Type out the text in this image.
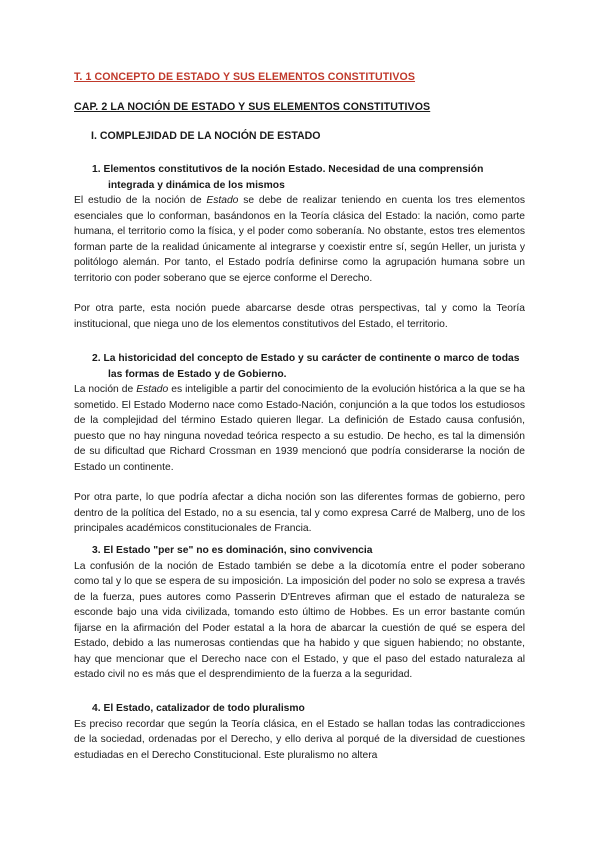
T. 1 CONCEPTO DE ESTADO Y SUS ELEMENTOS CONSTITUTIVOS
CAP. 2 LA NOCIÓN DE ESTADO Y SUS ELEMENTOS CONSTITUTIVOS
I. COMPLEJIDAD DE LA NOCIÓN DE ESTADO
1. Elementos constitutivos de la noción Estado. Necesidad de una comprensión integrada y dinámica de los mismos
El estudio de la noción de Estado se debe de realizar teniendo en cuenta los tres elementos esenciales que lo conforman, basándonos en la Teoría clásica del Estado: la nación, como parte humana, el territorio como la física, y el poder como soberanía. No obstante, estos tres elementos forman parte de la realidad únicamente al integrarse y coexistir entre sí, según Heller, un jurista y politólogo alemán. Por tanto, el Estado podría definirse como la agrupación humana sobre un territorio con poder soberano que se ejerce conforme el Derecho.
Por otra parte, esta noción puede abarcarse desde otras perspectivas, tal y como la Teoría institucional, que niega uno de los elementos constitutivos del Estado, el territorio.
2. La historicidad del concepto de Estado y su carácter de continente o marco de todas las formas de Estado y de Gobierno.
La noción de Estado es inteligible a partir del conocimiento de la evolución histórica a la que se ha sometido. El Estado Moderno nace como Estado-Nación, conjunción a la que todos los estudiosos de la complejidad del término Estado quieren llegar. La definición de Estado causa confusión, puesto que no hay ninguna novedad teórica respecto a su estudio. De hecho, es tal la dimensión de su dificultad que Richard Crossman en 1939 mencionó que podría considerarse la noción de Estado un continente.
Por otra parte, lo que podría afectar a dicha noción son las diferentes formas de gobierno, pero dentro de la política del Estado, no a su esencia, tal y como expresa Carré de Malberg, uno de los principales académicos constitucionales de Francia.
3. El Estado "per se" no es dominación, sino convivencia
La confusión de la noción de Estado también se debe a la dicotomía entre el poder soberano como tal y lo que se espera de su imposición. La imposición del poder no solo se expresa a través de la fuerza, pues autores como Passerin D'Entreves afirman que el estado de naturaleza se esconde bajo una vida civilizada, tomando esto último de Hobbes. Es un error bastante común fijarse en la afirmación del Poder estatal a la hora de abarcar la cuestión de qué se espera del Estado, debido a las numerosas contiendas que ha habido y que siguen habiendo; no obstante, hay que mencionar que el Derecho nace con el Estado, y que el paso del estado naturaleza al estado civil no es más que el desprendimiento de la fuerza a la seguridad.
4. El Estado, catalizador de todo pluralismo
Es preciso recordar que según la Teoría clásica, en el Estado se hallan todas las contradicciones de la sociedad, ordenadas por el Derecho, y ello deriva al porqué de la diversidad de cuestiones estudiadas en el Derecho Constitucional. Este pluralismo no altera
